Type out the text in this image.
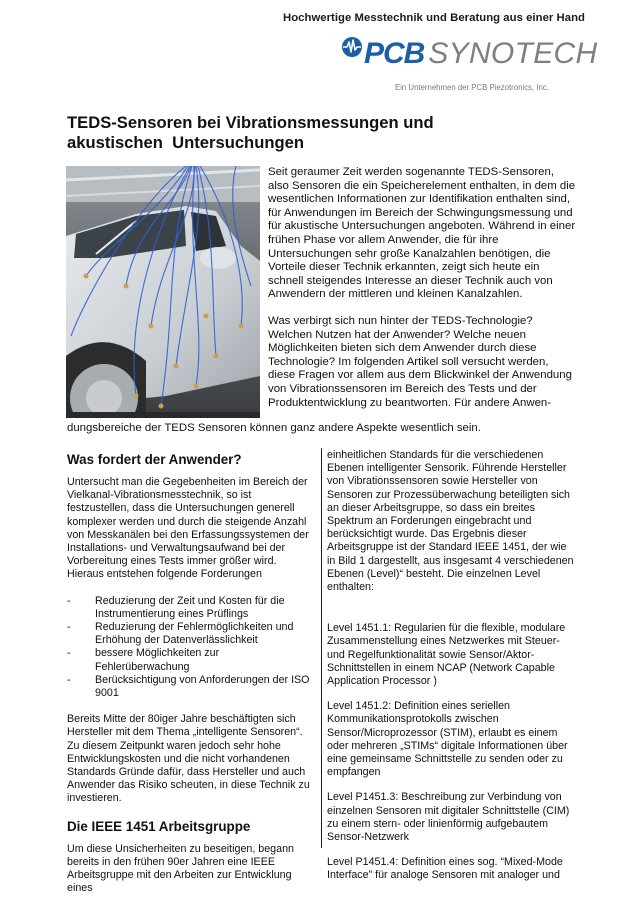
Hochwertige Messtechnik und Beratung aus einer Hand
PCB SYNOTECH
Ein Unternehmen der PCB Piezotronics, Inc.
TEDS-Sensoren bei Vibrationsmessungen und
akustischen  Untersuchungen

Seit geraumer Zeit werden sogenannte TEDS-Sensoren, also Sensoren die ein Speicherelement enthalten, in dem die wesentlichen Informationen zur Identifikation enthalten sind, für Anwendungen im Bereich der Schwingungsmessung und für akustische Untersuchungen angeboten. Während in einer frühen Phase vor allem Anwender, die für ihre Untersuchungen sehr große Kanalzahlen benötigen, die Vorteile dieser Technik erkannten, zeigt sich heute ein schnell steigendes Interesse an dieser Technik auch von Anwendern der mittleren und kleinen Kanalzahlen.

Was verbirgt sich nun hinter der TEDS-Technologie? Welchen Nutzen hat der Anwender? Welche neuen Möglichkeiten bieten sich dem Anwender durch diese Technologie? Im folgenden Artikel soll versucht werden, diese Fragen vor allem aus dem Blickwinkel der Anwendung von Vibrationssensoren im Bereich des Tests und der Produktentwicklung zu beantworten. Für andere Anwen-

dungsbereiche der TEDS Sensoren können ganz andere Aspekte wesentlich sein.
Was fordert der Anwender?

Untersucht man die Gegebenheiten im Bereich der Vielkanal-Vibrationsmesstechnik, so ist festzustellen, dass die Untersuchungen generell komplexer werden und durch die steigende Anzahl von Messkanälen bei den Erfassungssystemen der Installations- und Verwaltungsaufwand bei der Vorbereitung eines Tests immer größer wird. Hieraus entstehen folgende Forderungen

-	Reduzierung der Zeit und Kosten für die Instrumentierung eines Prüflings
-	Reduzierung der Fehlermöglichkeiten und Erhöhung der Datenverlässlichkeit
-	bessere Möglichkeiten zur Fehlerüberwachung
-	Berücksichtigung von Anforderungen der ISO 9001

Bereits Mitte der 80iger Jahre beschäftigten sich Hersteller mit dem Thema „intelligente Sensoren“. Zu diesem Zeitpunkt waren jedoch sehr hohe Entwicklungskosten und die nicht vorhandenen Standards Gründe dafür, dass Hersteller und auch Anwender das Risiko scheuten, in diese Technik zu investieren.

Die IEEE 1451 Arbeitsgruppe

Um diese Unsicherheiten zu beseitigen, begann bereits in den frühen 90er Jahren eine IEEE Arbeitsgruppe mit den Arbeiten zur Entwicklung eines

einheitlichen Standards für die verschiedenen Ebenen intelligenter Sensorik. Führende Hersteller von Vibrationssensoren sowie Hersteller von Sensoren zur Prozessüberwachung beteiligten sich an dieser Arbeitsgruppe, so dass ein breites Spektrum an Forderungen eingebracht und berücksichtigt wurde. Das Ergebnis dieser Arbeitsgruppe ist der Standard IEEE 1451, der wie in Bild 1 dargestellt, aus insgesamt 4 verschiedenen Ebenen (Level)“ besteht. Die einzelnen Level enthalten:

Level 1451.1: Regularien für die flexible, modulare Zusammenstellung eines Netzwerkes mit Steuer- und Regelfunktionalität sowie Sensor/Aktor-Schnittstellen in einem NCAP (Network Capable Application Processor )

Level 1451.2: Definition eines seriellen Kommunikationsprotokolls zwischen Sensor/Microprozessor (STIM), erlaubt es einem oder mehreren „STIMs“ digitale Informationen über eine gemeinsame Schnittstelle zu senden oder zu empfangen

Level P1451.3: Beschreibung zur Verbindung von einzelnen Sensoren mit digitaler Schnittstelle (CIM) zu einem stern- oder linienförmig aufgebautem Sensor-Netzwerk

Level P1451.4: Definition eines sog. “Mixed-Mode Interface” für analoge Sensoren mit analoger und
